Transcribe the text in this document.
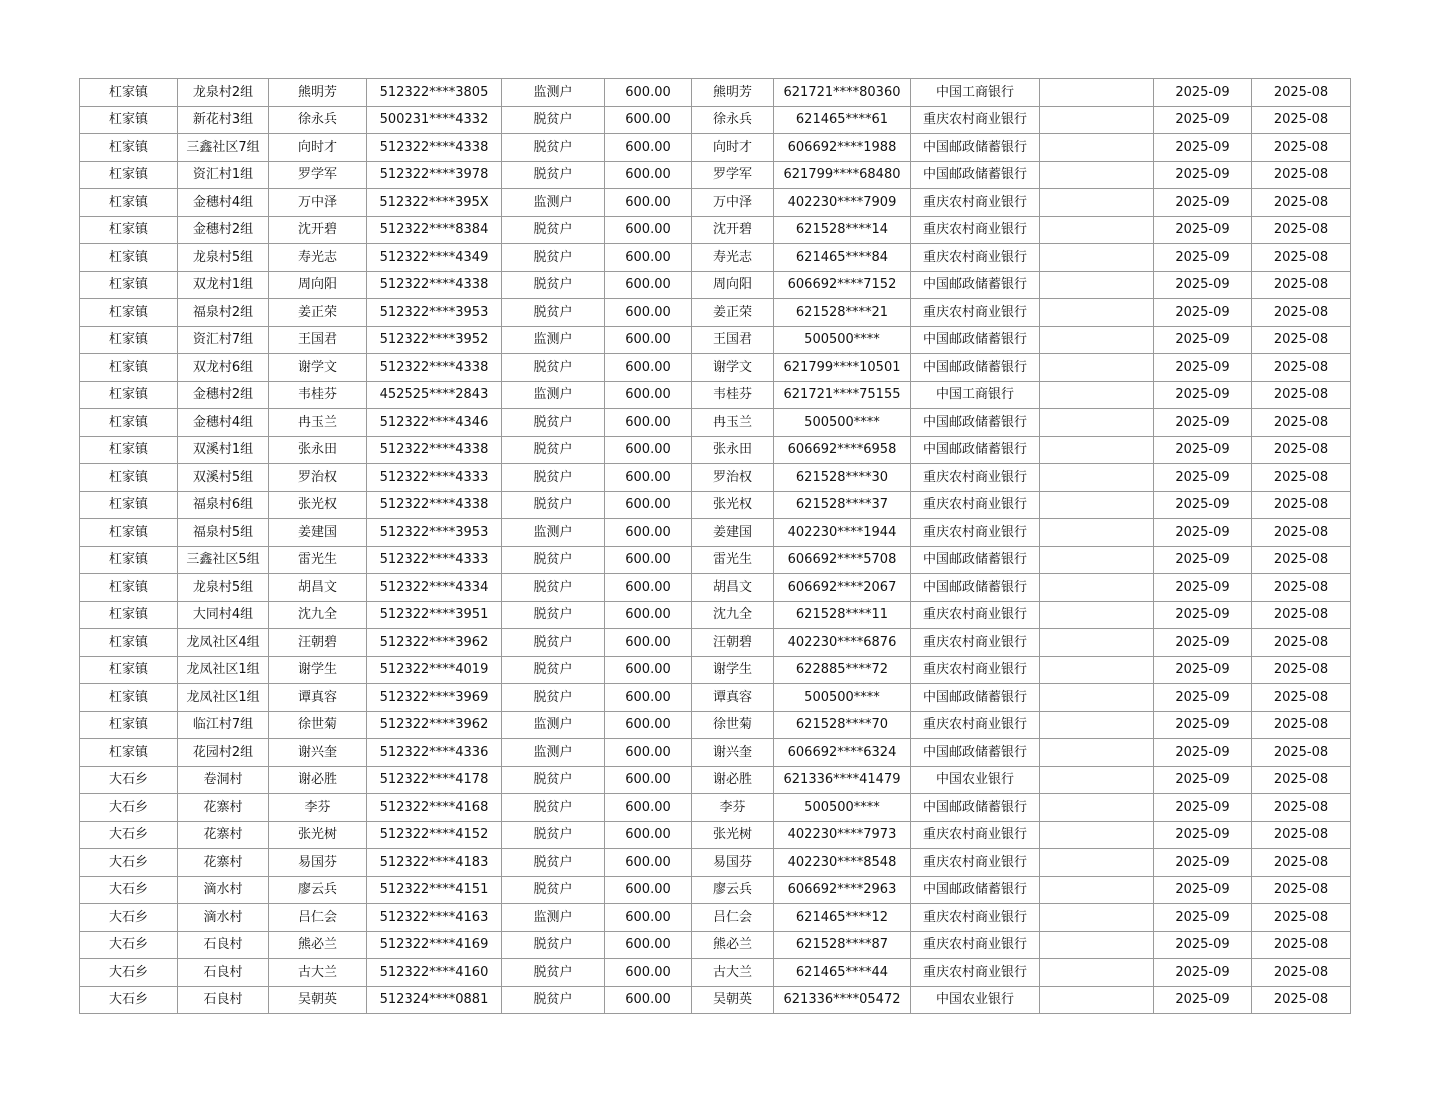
杠家镇	龙泉村2组	熊明芳	512322****3805	监测户	600.00	熊明芳	621721****80360	中国工商银行		2025-09	2025-08
杠家镇	新花村3组	徐永兵	500231****4332	脱贫户	600.00	徐永兵	621465****61	重庆农村商业银行		2025-09	2025-08
杠家镇	三鑫社区7组	向时才	512322****4338	脱贫户	600.00	向时才	606692****1988	中国邮政储蓄银行		2025-09	2025-08
杠家镇	资汇村1组	罗学军	512322****3978	脱贫户	600.00	罗学军	621799****68480	中国邮政储蓄银行		2025-09	2025-08
杠家镇	金穗村4组	万中泽	512322****395X	监测户	600.00	万中泽	402230****7909	重庆农村商业银行		2025-09	2025-08
杠家镇	金穗村2组	沈开碧	512322****8384	脱贫户	600.00	沈开碧	621528****14	重庆农村商业银行		2025-09	2025-08
杠家镇	龙泉村5组	寿光志	512322****4349	脱贫户	600.00	寿光志	621465****84	重庆农村商业银行		2025-09	2025-08
杠家镇	双龙村1组	周向阳	512322****4338	脱贫户	600.00	周向阳	606692****7152	中国邮政储蓄银行		2025-09	2025-08
杠家镇	福泉村2组	姜正荣	512322****3953	脱贫户	600.00	姜正荣	621528****21	重庆农村商业银行		2025-09	2025-08
杠家镇	资汇村7组	王国君	512322****3952	监测户	600.00	王国君	500500****	中国邮政储蓄银行		2025-09	2025-08
杠家镇	双龙村6组	谢学文	512322****4338	脱贫户	600.00	谢学文	621799****10501	中国邮政储蓄银行		2025-09	2025-08
杠家镇	金穗村2组	韦桂芬	452525****2843	监测户	600.00	韦桂芬	621721****75155	中国工商银行		2025-09	2025-08
杠家镇	金穗村4组	冉玉兰	512322****4346	脱贫户	600.00	冉玉兰	500500****	中国邮政储蓄银行		2025-09	2025-08
杠家镇	双溪村1组	张永田	512322****4338	脱贫户	600.00	张永田	606692****6958	中国邮政储蓄银行		2025-09	2025-08
杠家镇	双溪村5组	罗治权	512322****4333	脱贫户	600.00	罗治权	621528****30	重庆农村商业银行		2025-09	2025-08
杠家镇	福泉村6组	张光权	512322****4338	脱贫户	600.00	张光权	621528****37	重庆农村商业银行		2025-09	2025-08
杠家镇	福泉村5组	姜建国	512322****3953	监测户	600.00	姜建国	402230****1944	重庆农村商业银行		2025-09	2025-08
杠家镇	三鑫社区5组	雷光生	512322****4333	脱贫户	600.00	雷光生	606692****5708	中国邮政储蓄银行		2025-09	2025-08
杠家镇	龙泉村5组	胡昌文	512322****4334	脱贫户	600.00	胡昌文	606692****2067	中国邮政储蓄银行		2025-09	2025-08
杠家镇	大同村4组	沈九全	512322****3951	脱贫户	600.00	沈九全	621528****11	重庆农村商业银行		2025-09	2025-08
杠家镇	龙凤社区4组	汪朝碧	512322****3962	脱贫户	600.00	汪朝碧	402230****6876	重庆农村商业银行		2025-09	2025-08
杠家镇	龙凤社区1组	谢学生	512322****4019	脱贫户	600.00	谢学生	622885****72	重庆农村商业银行		2025-09	2025-08
杠家镇	龙凤社区1组	谭真容	512322****3969	脱贫户	600.00	谭真容	500500****	中国邮政储蓄银行		2025-09	2025-08
杠家镇	临江村7组	徐世菊	512322****3962	监测户	600.00	徐世菊	621528****70	重庆农村商业银行		2025-09	2025-08
杠家镇	花园村2组	谢兴奎	512322****4336	监测户	600.00	谢兴奎	606692****6324	中国邮政储蓄银行		2025-09	2025-08
大石乡	卷洞村	谢必胜	512322****4178	脱贫户	600.00	谢必胜	621336****41479	中国农业银行		2025-09	2025-08
大石乡	花寨村	李芬	512322****4168	脱贫户	600.00	李芬	500500****	中国邮政储蓄银行		2025-09	2025-08
大石乡	花寨村	张光树	512322****4152	脱贫户	600.00	张光树	402230****7973	重庆农村商业银行		2025-09	2025-08
大石乡	花寨村	易国芬	512322****4183	脱贫户	600.00	易国芬	402230****8548	重庆农村商业银行		2025-09	2025-08
大石乡	滴水村	廖云兵	512322****4151	脱贫户	600.00	廖云兵	606692****2963	中国邮政储蓄银行		2025-09	2025-08
大石乡	滴水村	吕仁会	512322****4163	监测户	600.00	吕仁会	621465****12	重庆农村商业银行		2025-09	2025-08
大石乡	石良村	熊必兰	512322****4169	脱贫户	600.00	熊必兰	621528****87	重庆农村商业银行		2025-09	2025-08
大石乡	石良村	古大兰	512322****4160	脱贫户	600.00	古大兰	621465****44	重庆农村商业银行		2025-09	2025-08
大石乡	石良村	吴朝英	512324****0881	脱贫户	600.00	吴朝英	621336****05472	中国农业银行		2025-09	2025-08
